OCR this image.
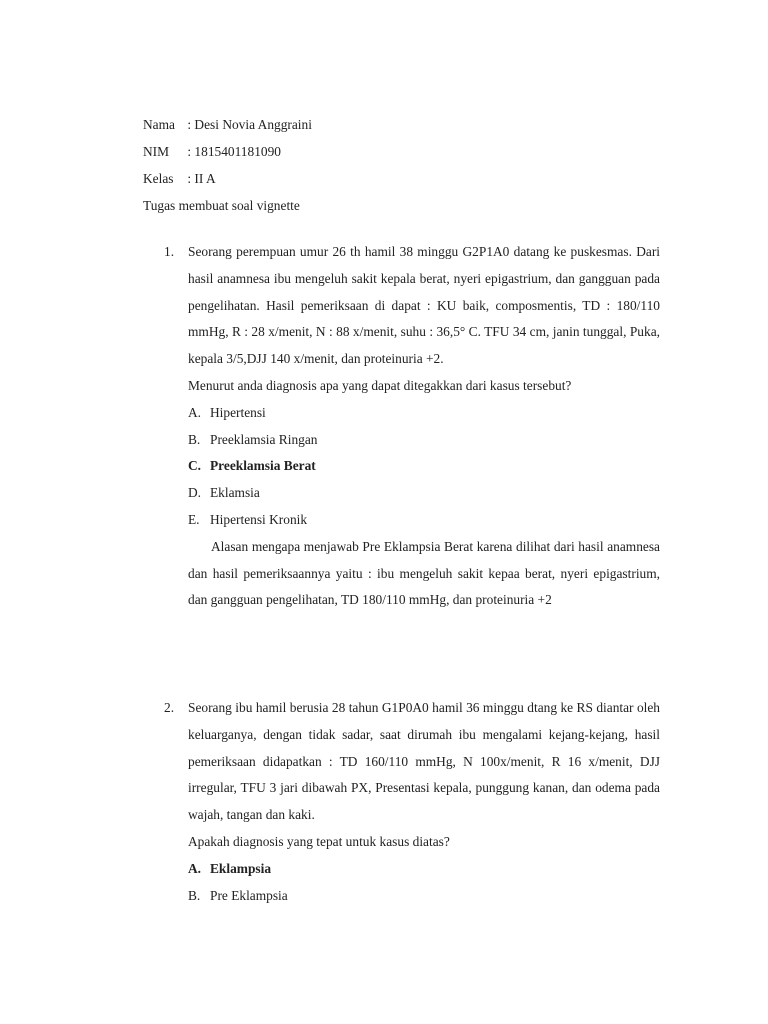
Nama : Desi Novia Anggraini
NIM : 1815401181090
Kelas : II A
Tugas membuat soal vignette
1. Seorang perempuan umur 26 th hamil 38 minggu G2P1A0 datang ke puskesmas. Dari hasil anamnesa ibu mengeluh sakit kepala berat, nyeri epigastrium, dan gangguan pada pengelihatan. Hasil pemeriksaan di dapat : KU baik, composmentis, TD : 180/110 mmHg, R : 28 x/menit, N : 88 x/menit, suhu : 36,5° C. TFU 34 cm, janin tunggal, Puka, kepala 3/5,DJJ 140 x/menit, dan proteinuria +2.
Menurut anda diagnosis apa yang dapat ditegakkan dari kasus tersebut?
A. Hipertensi
B. Preeklamsia Ringan
C. Preeklamsia Berat
D. Eklamsia
E. Hipertensi Kronik
Alasan mengapa menjawab Pre Eklampsia Berat karena dilihat dari hasil anamnesa dan hasil pemeriksaannya yaitu : ibu mengeluh sakit kepaa berat, nyeri epigastrium, dan gangguan pengelihatan, TD 180/110 mmHg, dan proteinuria +2
2. Seorang ibu hamil berusia 28 tahun G1P0A0 hamil 36 minggu dtang ke RS diantar oleh keluarganya, dengan tidak sadar, saat dirumah ibu mengalami kejang-kejang, hasil pemeriksaan didapatkan : TD 160/110 mmHg, N 100x/menit, R 16 x/menit, DJJ irregular, TFU 3 jari dibawah PX, Presentasi kepala, punggung kanan, dan odema pada wajah, tangan dan kaki.
Apakah diagnosis yang tepat untuk kasus diatas?
A. Eklampsia
B. Pre Eklampsia
